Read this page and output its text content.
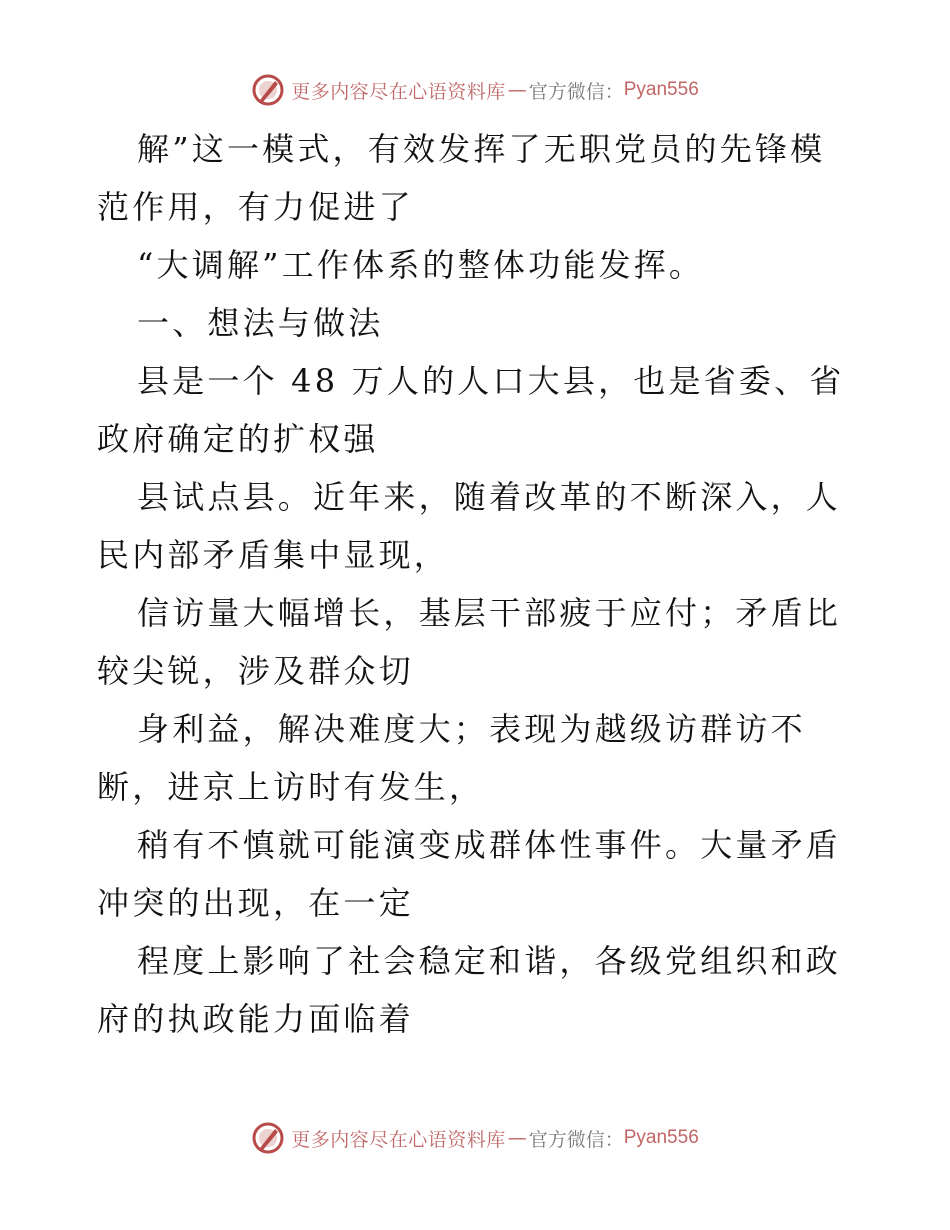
更多内容尽在心语资料库 — 官方微信： Pyan556

解”这一模式，有效发挥了无职党员的先锋模范作用，有力促进了

“大调解”工作体系的整体功能发挥。

一、想法与做法

县是一个 48 万人的人口大县，也是省委、省政府确定的扩权强

县试点县。近年来，随着改革的不断深入，人民内部矛盾集中显现，

信访量大幅增长，基层干部疲于应付；矛盾比较尖锐，涉及群众切

身利益，解决难度大；表现为越级访群访不断，进京上访时有发生，

稍有不慎就可能演变成群体性事件。大量矛盾冲突的出现，在一定

程度上影响了社会稳定和谐，各级党组织和政府的执政能力面临着

更多内容尽在心语资料库 — 官方微信： Pyan556
